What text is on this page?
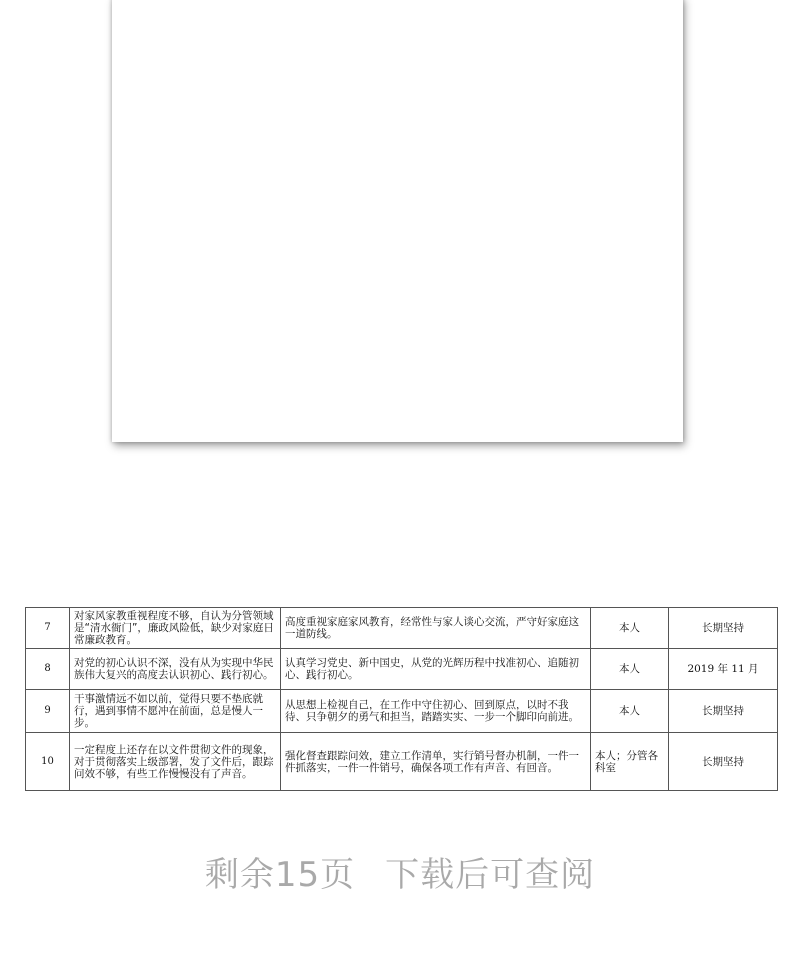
7	对家风家教重视程度不够，自认为分管领域是“清水衙门”，廉政风险低，缺少对家庭日常廉政教育。	高度重视家庭家风教育，经常性与家人谈心交流，严守好家庭这一道防线。	本人	长期坚持
8	对党的初心认识不深，没有从为实现中华民族伟大复兴的高度去认识初心、践行初心。	认真学习党史、新中国史，从党的光辉历程中找准初心、追随初心、践行初心。	本人	2019 年 11 月
9	干事激情远不如以前，觉得只要不垫底就行，遇到事情不愿冲在前面，总是慢人一步。	从思想上检视自己，在工作中守住初心、回到原点，以时不我待、只争朝夕的勇气和担当，踏踏实实、一步一个脚印向前进。	本人	长期坚持
10	一定程度上还存在以文件贯彻文件的现象，对于贯彻落实上级部署，发了文件后，跟踪问效不够，有些工作慢慢没有了声音。	强化督查跟踪问效，建立工作清单，实行销号督办机制，一件一件抓落实，一件一件销号，确保各项工作有声音、有回音。	本人；分管各科室	长期坚持
剩余15页 下载后可查阅
